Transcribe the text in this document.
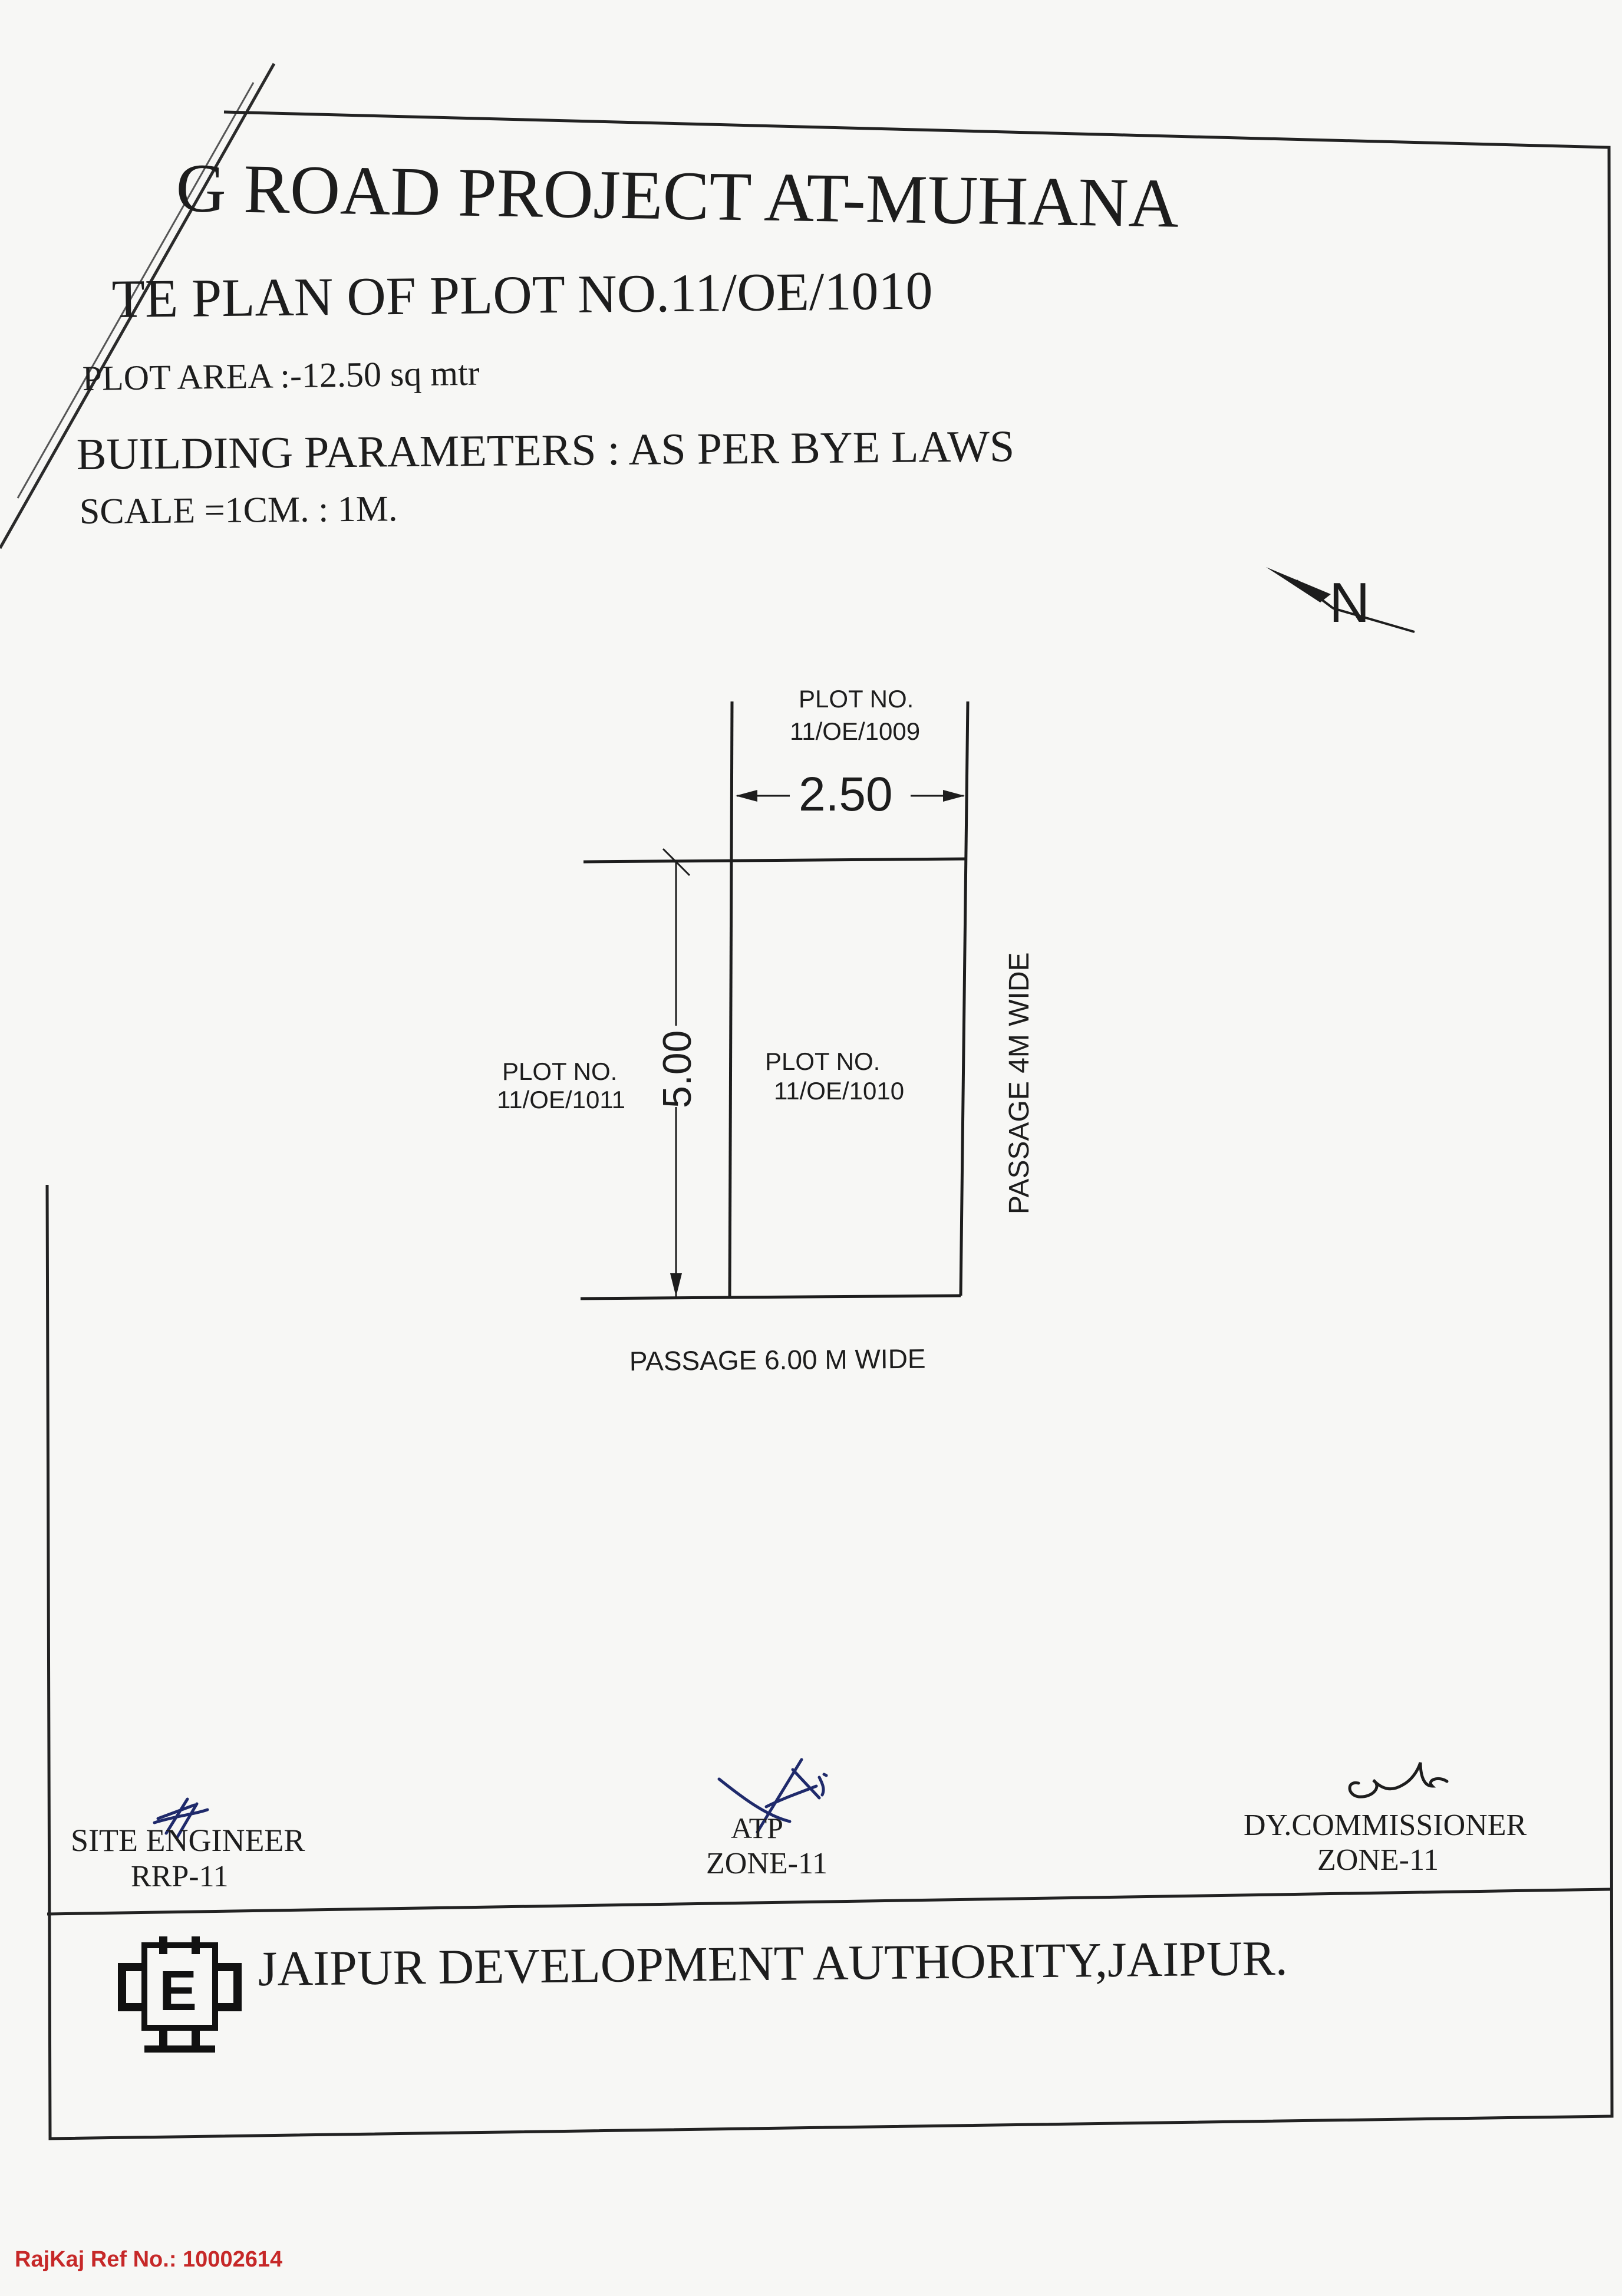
G ROAD PROJECT AT-MUHANA
TE PLAN OF PLOT NO.11/OE/1010
PLOT AREA :-12.50 sq mtr
BUILDING PARAMETERS : AS PER BYE LAWS
SCALE =1CM. : 1M.
N
PLOT NO.
11/OE/1009
2.50
5.00
PLOT NO.
11/OE/1011
PLOT NO.
11/OE/1010	PASSAGE 4M WIDE
PASSAGE 6.00 M WIDE
SITE ENGINEER
RRP-11
ATP
ZONE-11
DY.COMMISSIONER
ZONE-11
E JAIPUR DEVELOPMENT AUTHORITY,JAIPUR.
RajKaj Ref No.: 10002614
